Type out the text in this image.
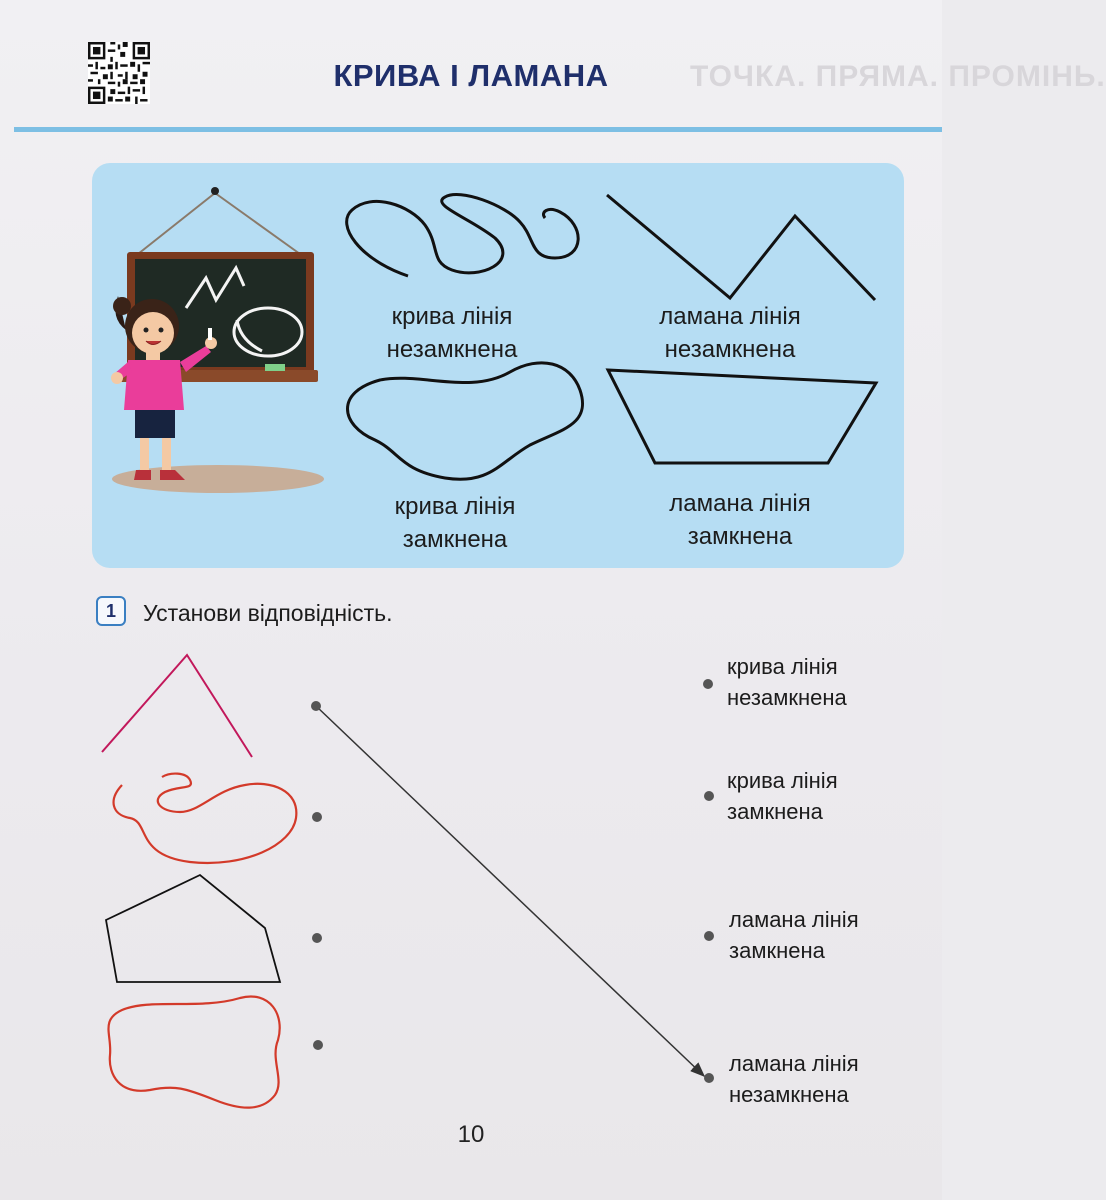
ТОЧКА. ПРЯМА. ПРОМІНЬ.
КРИВА І ЛАМАНА
крива лінія
незамкнена
ламана лінія
незамкнена
крива лінія
замкнена
ламана лінія
замкнена
1	Установи відповідність.
крива лінія
незамкнена
крива лінія
замкнена
ламана лінія
замкнена
ламана лінія
незамкнена
10
